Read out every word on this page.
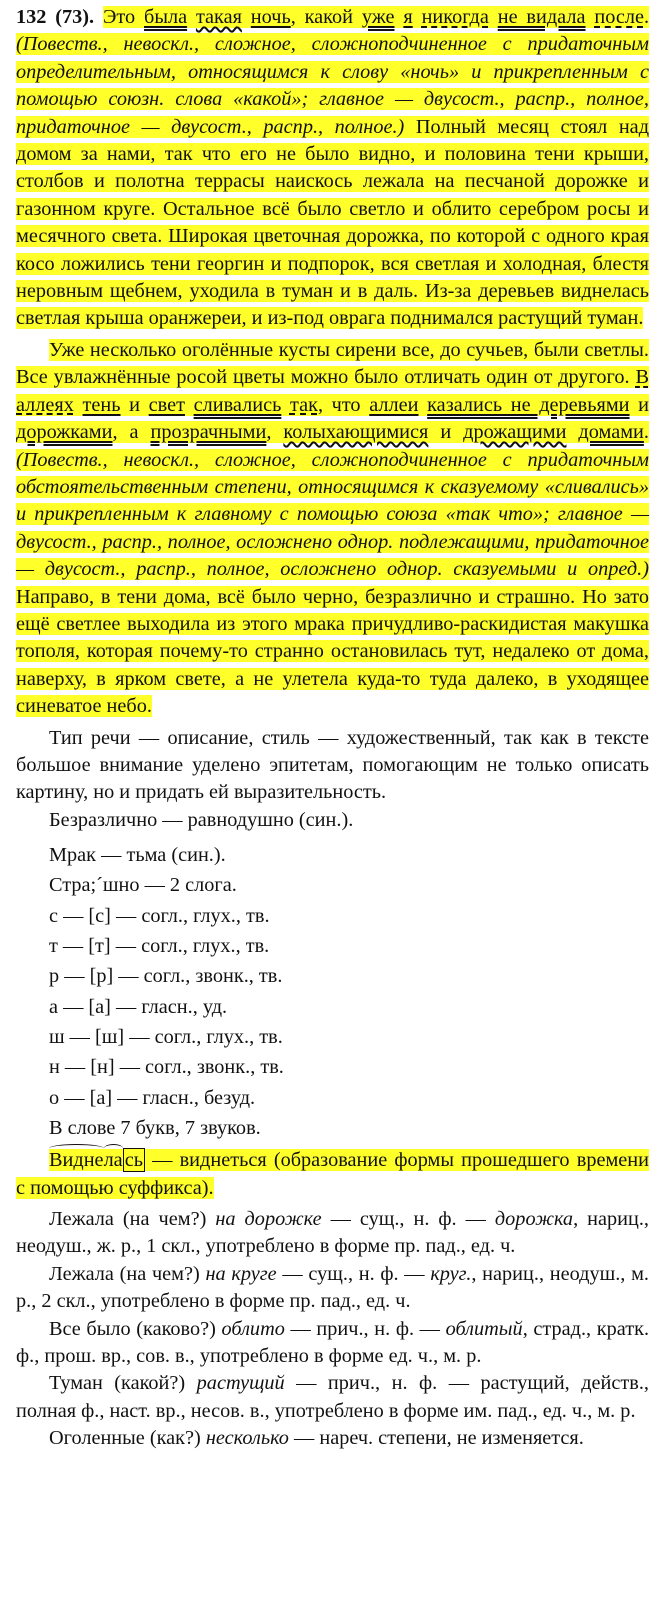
132 (73). Это была такая ночь, какой уже я никогда не видала после. (Повеств., невоскл., сложное, сложноподчиненное с придаточным определительным, относящимся к слову «ночь» и прикрепленным с помощью союзн. слова «какой»; главное — двусост., распр., полное, придаточное — двусост., распр., полное.) Полный месяц стоял над домом за нами, так что его не было видно, и половина тени крыши, столбов и полотна террасы наискось лежала на песчаной дорожке и газонном круге. Остальное всё было светло и облито серебром росы и месячного света. Широкая цветочная дорожка, по которой с одного края косо ложились тени георгин и подпорок, вся светлая и холодная, блестя неровным щебнем, уходила в туман и в даль. Из-за деревьев виднелась светлая крыша оранжереи, и из-под оврага поднимался растущий туман.

Уже несколько оголённые кусты сирени все, до сучьев, были светлы. Все увлажнённые росой цветы можно было отличать один от другого. В аллеях тень и свет сливались так, что аллеи казались не деревьями и дорожками, а прозрачными, колыхающимися и дрожащими домами. (Повеств., невоскл., сложное, сложноподчиненное с придаточным обстоятельственным степени, относящимся к сказуемому «сливались» и прикрепленным к главному с помощью союза «так что»; главное — двусост., распр., полное, осложнено однор. подлежащими, придаточное — двусост., распр., полное, осложнено однор. сказуемыми и опред.) Направо, в тени дома, всё было черно, безразлично и страшно. Но зато ещё светлее выходила из этого мрака причудливо-раскидистая макушка тополя, которая почему-то странно остановилась тут, недалеко от дома, наверху, в ярком свете, а не улетела куда-то туда далеко, в уходящее синеватое небо.

Тип речи — описание, стиль — художественный, так как в тексте большое внимание уделено эпитетам, помогающим не только описать картину, но и придать ей выразительность.

Безразлично — равнодушно (син.).

Мрак — тьма (син.).
Стра;´шно — 2 слога.
с — [с] — согл., глух., тв.
т — [т] — согл., глух., тв.
р — [р] — согл., звонк., тв.
а — [а] — гласн., уд.
ш — [ш] — согл., глух., тв.
н — [н] — согл., звонк., тв.
о — [а] — гласн., безуд.
В слове 7 букв, 7 звуков.

Виднелась — виднеться (образование формы прошедшего времени с помощью суффикса).

Лежала (на чем?) на дорожке — сущ., н. ф. — дорожка, нариц., неодуш., ж. р., 1 скл., употреблено в форме пр. пад., ед. ч.

Лежала (на чем?) на круге — сущ., н. ф. — круг., нариц., неодуш., м. р., 2 скл., употреблено в форме пр. пад., ед. ч.

Все было (каково?) облито — прич., н. ф. — облитый, страд., кратк. ф., прош. вр., сов. в., употреблено в форме ед. ч., м. р.

Туман (какой?) растущий — прич., н. ф. — растущий, действ., полная ф., наст. вр., несов. в., употреблено в форме им. пад., ед. ч., м. р.

Оголенные (как?) несколько — нареч. степени, не изменяется.
